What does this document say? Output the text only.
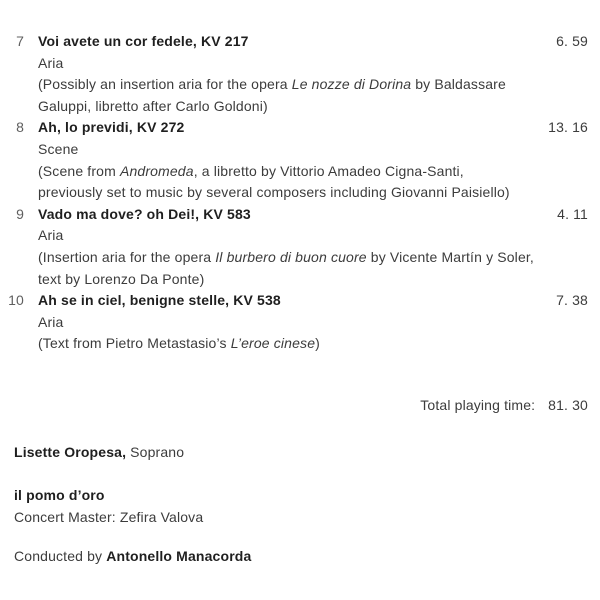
7 Voi avete un cor fedele, KV 217	6. 59
Aria
(Possibly an insertion aria for the opera Le nozze di Dorina by Baldassare
Galuppi, libretto after Carlo Goldoni)
8 Ah, lo previdi, KV 272	13. 16
Scene
(Scene from Andromeda, a libretto by Vittorio Amadeo Cigna-Santi,
previously set to music by several composers including Giovanni Paisiello)
9 Vado ma dove? oh Dei!, KV 583	4. 11
Aria
(Insertion aria for the opera Il burbero di buon cuore by Vicente Martín y Soler,
text by Lorenzo Da Ponte)
10 Ah se in ciel, benigne stelle, KV 538	7. 38
Aria
(Text from Pietro Metastasio’s L’eroe cinese)
Total playing time: 81. 30
Lisette Oropesa, Soprano
il pomo d’oro
Concert Master: Zefira Valova
Conducted by Antonello Manacorda
